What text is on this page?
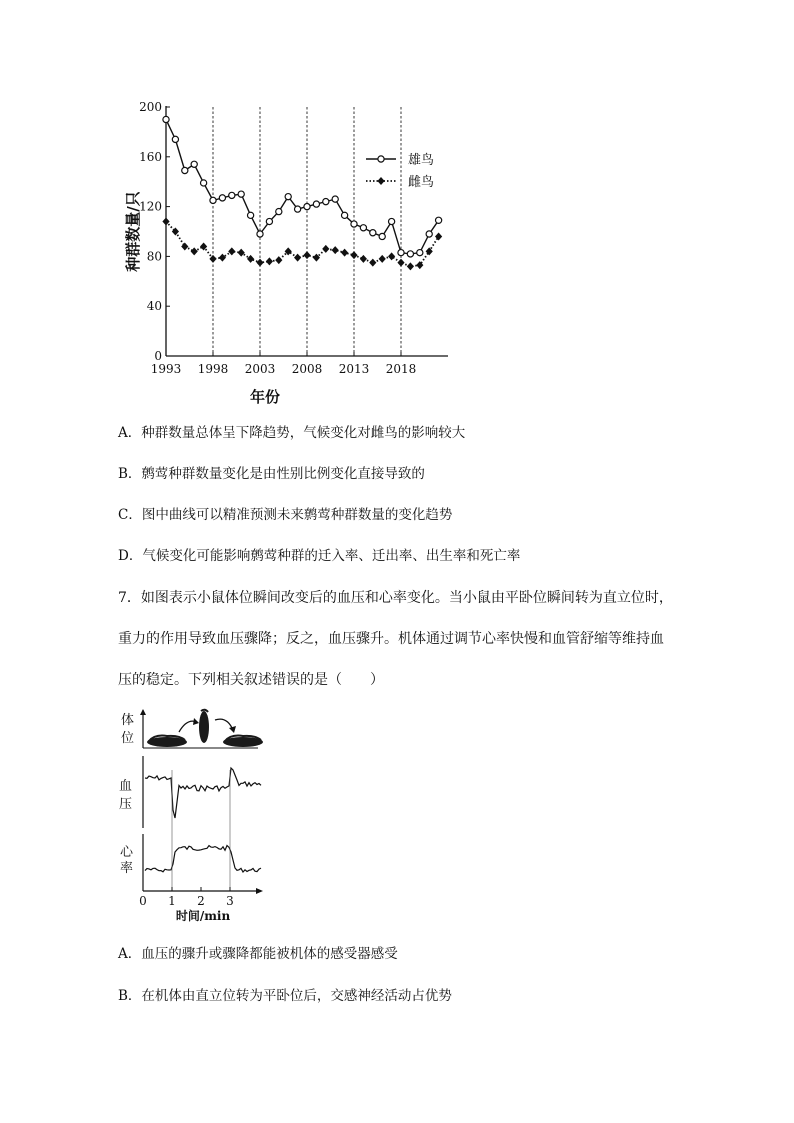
种群数量/只
0
40
80
120
160
200
1993 1998 2003 2008 2013 2018
雄鸟
雌鸟
年份
A．种群数量总体呈下降趋势，气候变化对雌鸟的影响较大
B．鹩莺种群数量变化是由性别比例变化直接导致的
C．图中曲线可以精准预测未来鹩莺种群数量的变化趋势
D．气候变化可能影响鹩莺种群的迁入率、迁出率、出生率和死亡率
7．如图表示小鼠体位瞬间改变后的血压和心率变化。当小鼠由平卧位瞬间转为直立位时，
重力的作用导致血压骤降；反之，血压骤升。机体通过调节心率快慢和血管舒缩等维持血
压的稳定。下列相关叙述错误的是（　　）
体
位
血
压
心
率
0 1 2 3
时间/min
A．血压的骤升或骤降都能被机体的感受器感受
B．在机体由直立位转为平卧位后，交感神经活动占优势
